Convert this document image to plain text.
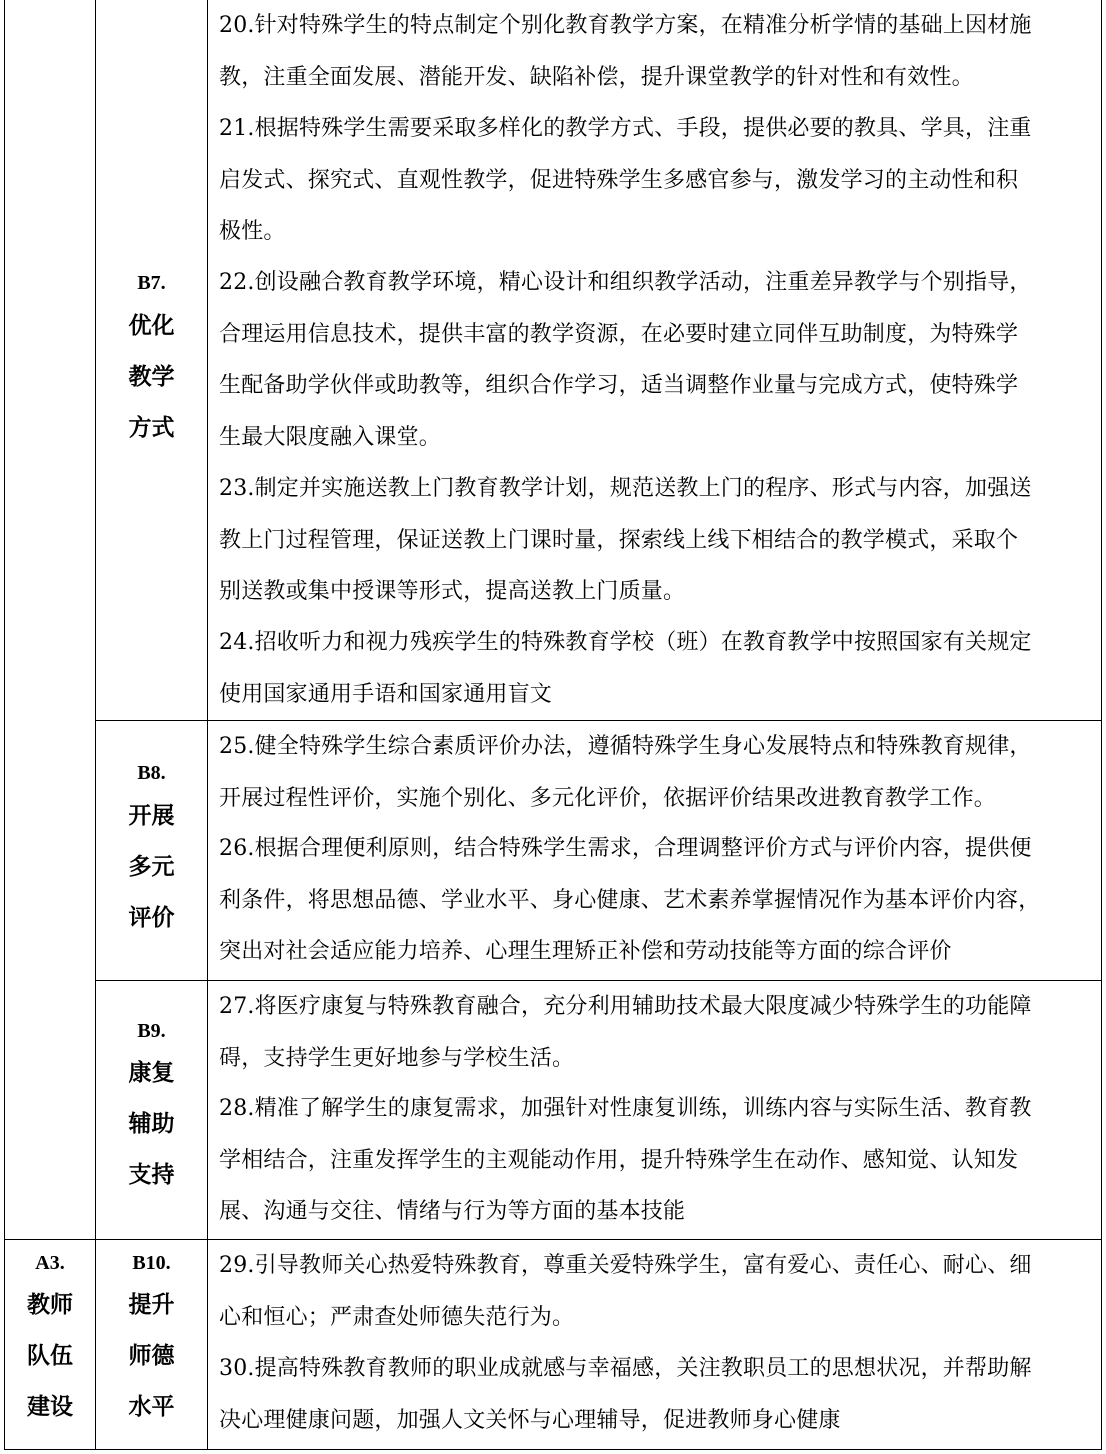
B7.
优化
教学
方式
20.针对特殊学生的特点制定个别化教育教学方案，在精准分析学情的基础上因材施
教，注重全面发展、潜能开发、缺陷补偿，提升课堂教学的针对性和有效性。
21.根据特殊学生需要采取多样化的教学方式、手段，提供必要的教具、学具，注重
启发式、探究式、直观性教学，促进特殊学生多感官参与，激发学习的主动性和积
极性。
22.创设融合教育教学环境，精心设计和组织教学活动，注重差异教学与个别指导，
合理运用信息技术，提供丰富的教学资源，在必要时建立同伴互助制度，为特殊学
生配备助学伙伴或助教等，组织合作学习，适当调整作业量与完成方式，使特殊学
生最大限度融入课堂。
23.制定并实施送教上门教育教学计划，规范送教上门的程序、形式与内容，加强送
教上门过程管理，保证送教上门课时量，探索线上线下相结合的教学模式，采取个
别送教或集中授课等形式，提高送教上门质量。
24.招收听力和视力残疾学生的特殊教育学校（班）在教育教学中按照国家有关规定
使用国家通用手语和国家通用盲文
B8.
开展
多元
评价
25.健全特殊学生综合素质评价办法，遵循特殊学生身心发展特点和特殊教育规律，
开展过程性评价，实施个别化、多元化评价，依据评价结果改进教育教学工作。
26.根据合理便利原则，结合特殊学生需求，合理调整评价方式与评价内容，提供便
利条件，将思想品德、学业水平、身心健康、艺术素养掌握情况作为基本评价内容，
突出对社会适应能力培养、心理生理矫正补偿和劳动技能等方面的综合评价
B9.
康复
辅助
支持
27.将医疗康复与特殊教育融合，充分利用辅助技术最大限度减少特殊学生的功能障
碍，支持学生更好地参与学校生活。
28.精准了解学生的康复需求，加强针对性康复训练，训练内容与实际生活、教育教
学相结合，注重发挥学生的主观能动作用，提升特殊学生在动作、感知觉、认知发
展、沟通与交往、情绪与行为等方面的基本技能
A3.
教师
队伍
建设
B10.
提升
师德
水平
29.引导教师关心热爱特殊教育，尊重关爱特殊学生，富有爱心、责任心、耐心、细
心和恒心；严肃查处师德失范行为。
30.提高特殊教育教师的职业成就感与幸福感，关注教职员工的思想状况，并帮助解
决心理健康问题，加强人文关怀与心理辅导，促进教师身心健康
